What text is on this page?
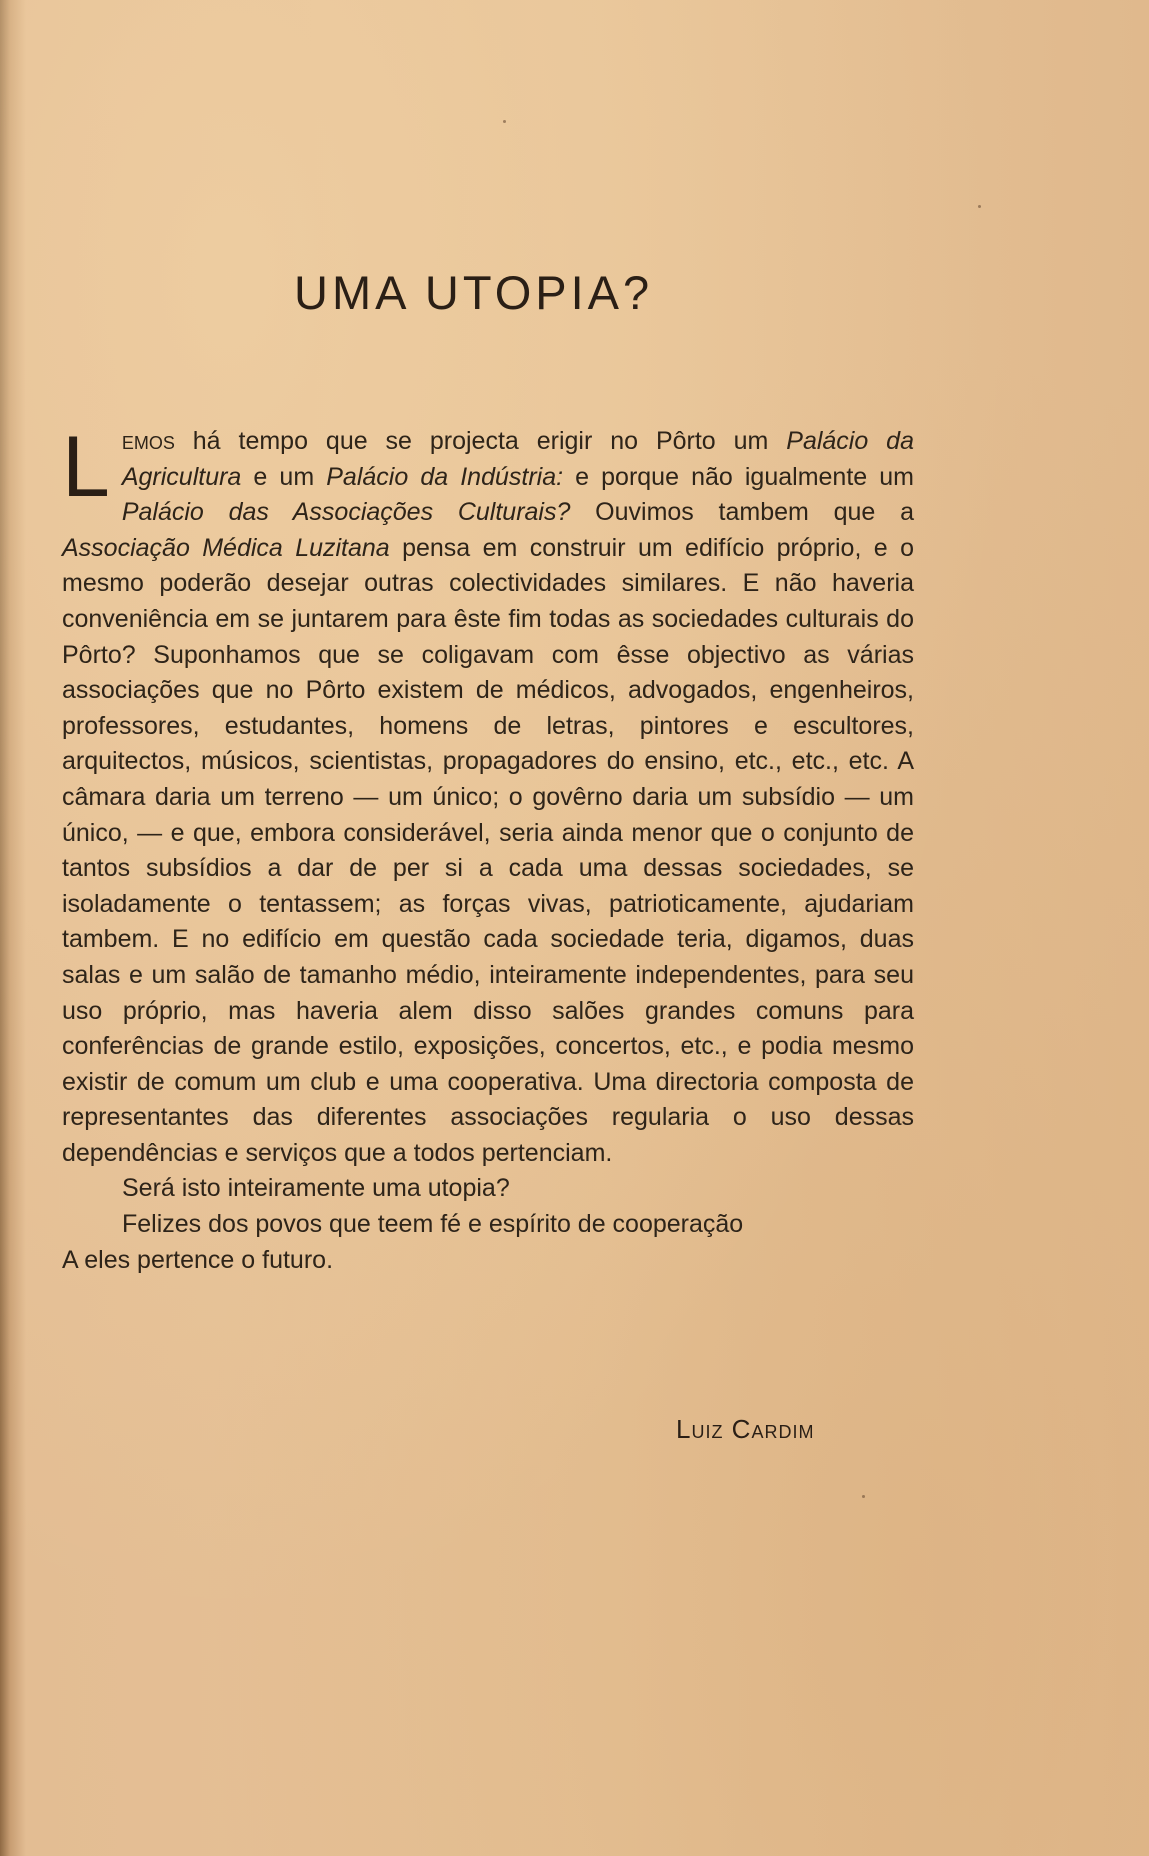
UMA UTOPIA?

Lemos há tempo que se projecta erigir no Pôrto um Palácio da Agricultura e um Palácio da Indústria: e porque não igualmente um Palácio das Associações Culturais? Ouvimos tambem que a Associação Médica Luzitana pensa em construir um edifício próprio, e o mesmo poderão desejar outras colectividades similares. E não haveria conveniência em se juntarem para êste fim todas as sociedades culturais do Pôrto? Suponhamos que se coligavam com êsse objectivo as várias associações que no Pôrto existem de médicos, advogados, engenheiros, professores, estudantes, homens de letras, pintores e escultores, arquitectos, músicos, scientistas, propagadores do ensino, etc., etc., etc. A câmara daria um terreno — um único; o govêrno daria um subsídio — um único, — e que, embora considerável, seria ainda menor que o conjunto de tantos subsídios a dar de per si a cada uma dessas sociedades, se isoladamente o tentassem; as forças vivas, patrioticamente, ajudariam tambem. E no edifício em questão cada sociedade teria, digamos, duas salas e um salão de tamanho médio, inteiramente independentes, para seu uso próprio, mas haveria alem disso salões grandes comuns para conferências de grande estilo, exposições, concertos, etc., e podia mesmo existir de comum um club e uma cooperativa. Uma directoria composta de representantes das diferentes associações regularia o uso dessas dependências e serviços que a todos pertenciam.

Será isto inteiramente uma utopia?

Felizes dos povos que teem fé e espírito de cooperação

A eles pertence o futuro.

Luiz Cardim
